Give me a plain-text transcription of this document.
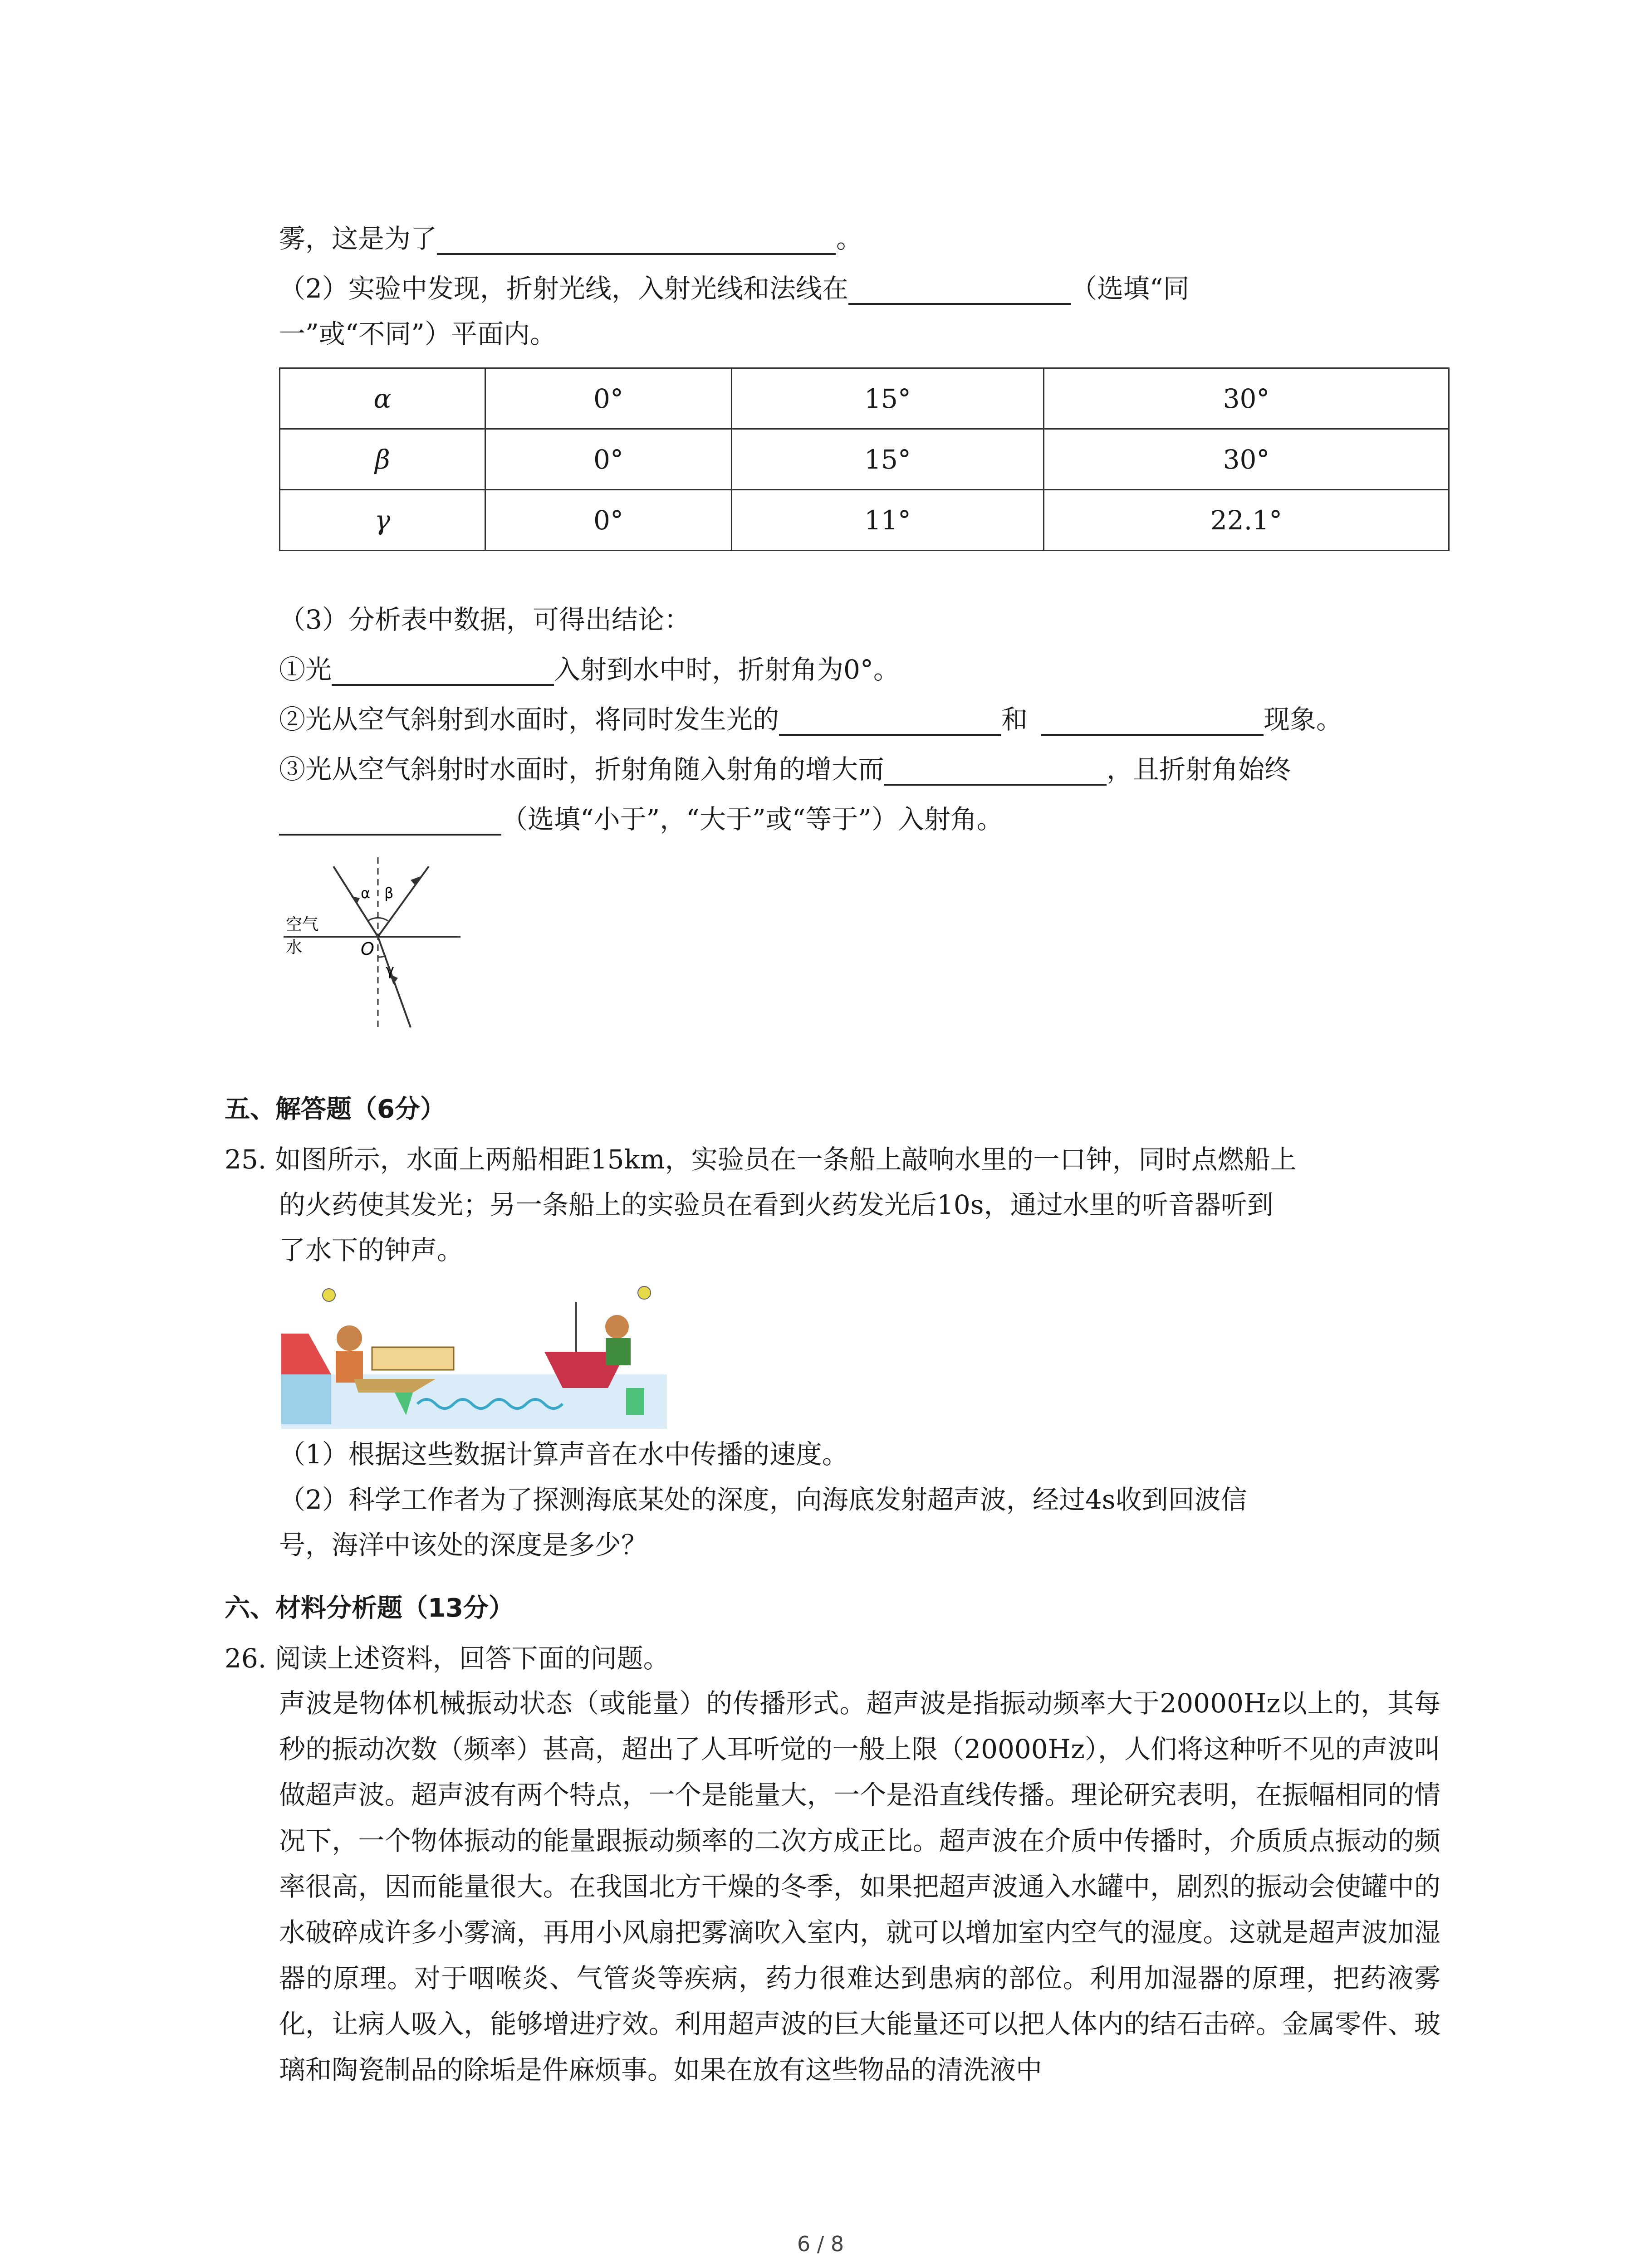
雾，这是为了	。
（2）实验中发现，折射光线，入射光线和法线在	（选填“同
一”或“不同”）平面内。
α	0°	15°	30°
β	0°	15°	30°
γ	0°	11°	22.1°
（3）分析表中数据，可得出结论：
①光	入射到水中时，折射角为0°。
②光从空气斜射到水面时，将同时发生光的	和	现象。
③光从空气斜射时水面时，折射角随入射角的增大而	，且折射角始终
（选填“小于”，“大于”或“等于”）入射角。
α β
γ
O
空气
水
五、解答题（6分）
25. 如图所示，水面上两船相距15km，实验员在一条船上敲响水里的一口钟，同时点燃船上
的火药使其发光；另一条船上的实验员在看到火药发光后10s，通过水里的听音器听到
了水下的钟声。
（1）根据这些数据计算声音在水中传播的速度。
（2）科学工作者为了探测海底某处的深度，向海底发射超声波，经过4s收到回波信
号，海洋中该处的深度是多少？
六、材料分析题（13分）
26. 阅读上述资料，回答下面的问题。
声波是物体机械振动状态（或能量）的传播形式。超声波是指振动频率大于20000Hz以上的，其每秒的振动次数（频率）甚高，超出了人耳听觉的一般上限（20000Hz），人们将这种听不见的声波叫做超声波。超声波有两个特点，一个是能量大，一个是沿直线传播。理论研究表明，在振幅相同的情况下，一个物体振动的能量跟振动频率的二次方成正比。超声波在介质中传播时，介质质点振动的频率很高，因而能量很大。在我国北方干燥的冬季，如果把超声波通入水罐中，剧烈的振动会使罐中的水破碎成许多小雾滴，再用小风扇把雾滴吹入室内，就可以增加室内空气的湿度。这就是超声波加湿器的原理。对于咽喉炎、气管炎等疾病，药力很难达到患病的部位。利用加湿器的原理，把药液雾化，让病人吸入，能够增进疗效。利用超声波的巨大能量还可以把人体内的结石击碎。金属零件、玻璃和陶瓷制品的除垢是件麻烦事。如果在放有这些物品的清洗液中
6 / 8
